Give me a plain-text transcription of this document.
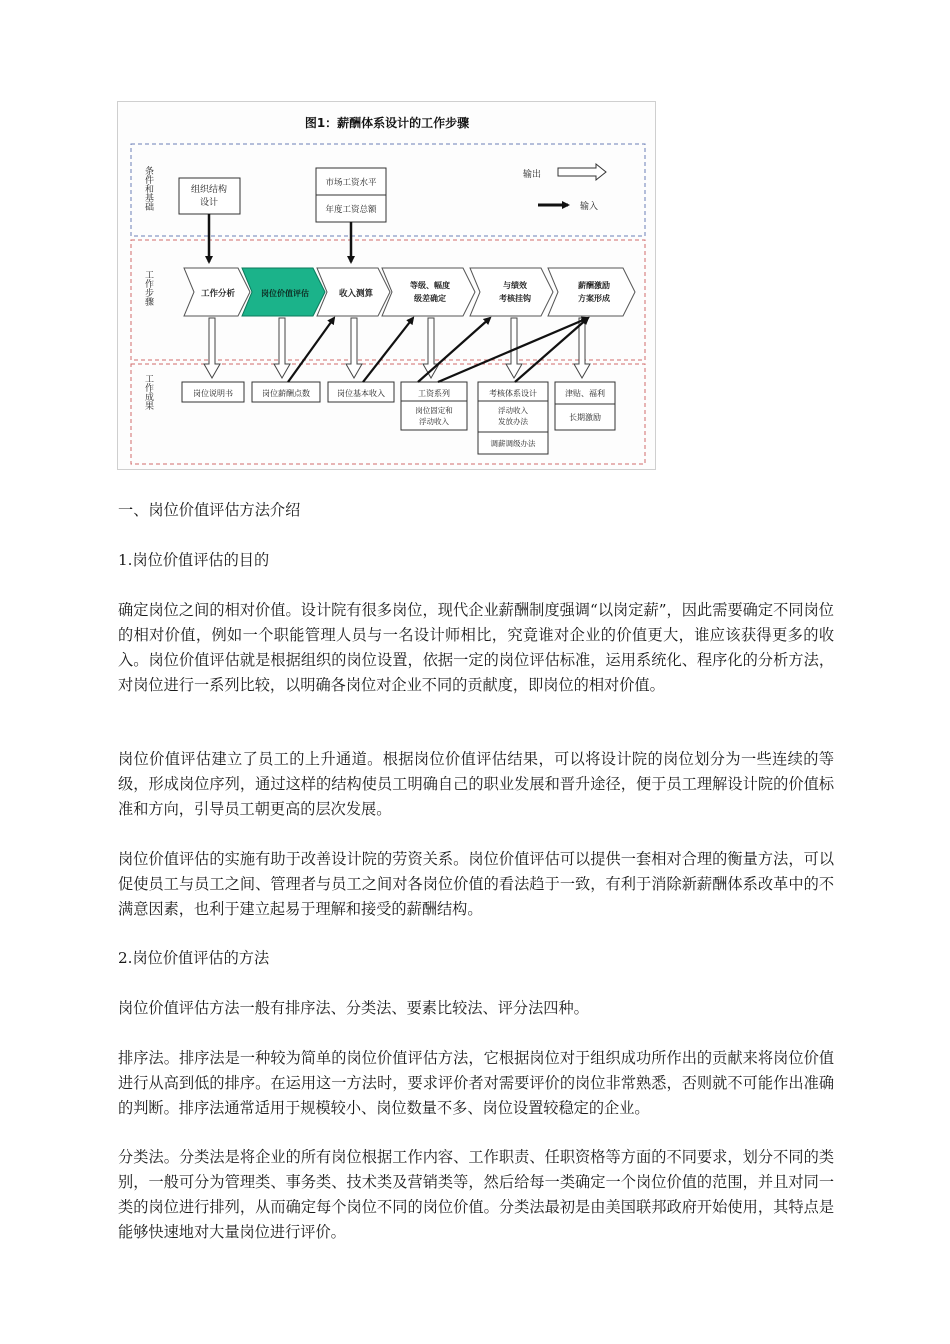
图1：薪酬体系设计的工作步骤
条件和基础
工作步骤
工作成果
输出
输入
组织结构
设计
市场工资水平
年度工资总额
工作分析	岗位价值评估	收入测算
等级、幅度
级差确定
与绩效
考核挂钩
薪酬激励
方案形成
岗位说明书	岗位薪酬点数	岗位基本收入	工资系列
岗位固定和
浮动收入
考核体系设计
浮动收入
发放办法
调薪调级办法
津贴、福利
长期激励
一、岗位价值评估方法介绍
1.岗位价值评估的目的

确定岗位之间的相对价值。设计院有很多岗位，现代企业薪酬制度强调“以岗定薪”，因此需要确定不同岗位的相对价值，例如一个职能管理人员与一名设计师相比，究竟谁对企业的价值更大，谁应该获得更多的收入。岗位价值评估就是根据组织的岗位设置，依据一定的岗位评估标准，运用系统化、程序化的分析方法，对岗位进行一系列比较，以明确各岗位对企业不同的贡献度，即岗位的相对价值。

岗位价值评估建立了员工的上升通道。根据岗位价值评估结果，可以将设计院的岗位划分为一些连续的等级，形成岗位序列，通过这样的结构使员工明确自己的职业发展和晋升途径，便于员工理解设计院的价值标准和方向，引导员工朝更高的层次发展。

岗位价值评估的实施有助于改善设计院的劳资关系。岗位价值评估可以提供一套相对合理的衡量方法，可以促使员工与员工之间、管理者与员工之间对各岗位价值的看法趋于一致，有利于消除新薪酬体系改革中的不满意因素，也利于建立起易于理解和接受的薪酬结构。

2.岗位价值评估的方法

岗位价值评估方法一般有排序法、分类法、要素比较法、评分法四种。

排序法。排序法是一种较为简单的岗位价值评估方法，它根据岗位对于组织成功所作出的贡献来将岗位价值进行从高到低的排序。在运用这一方法时，要求评价者对需要评价的岗位非常熟悉，否则就不可能作出准确的判断。排序法通常适用于规模较小、岗位数量不多、岗位设置较稳定的企业。

分类法。分类法是将企业的所有岗位根据工作内容、工作职责、任职资格等方面的不同要求，划分不同的类别，一般可分为管理类、事务类、技术类及营销类等，然后给每一类确定一个岗位价值的范围，并且对同一类的岗位进行排列，从而确定每个岗位不同的岗位价值。分类法最初是由美国联邦政府开始使用，其特点是能够快速地对大量岗位进行评价。
